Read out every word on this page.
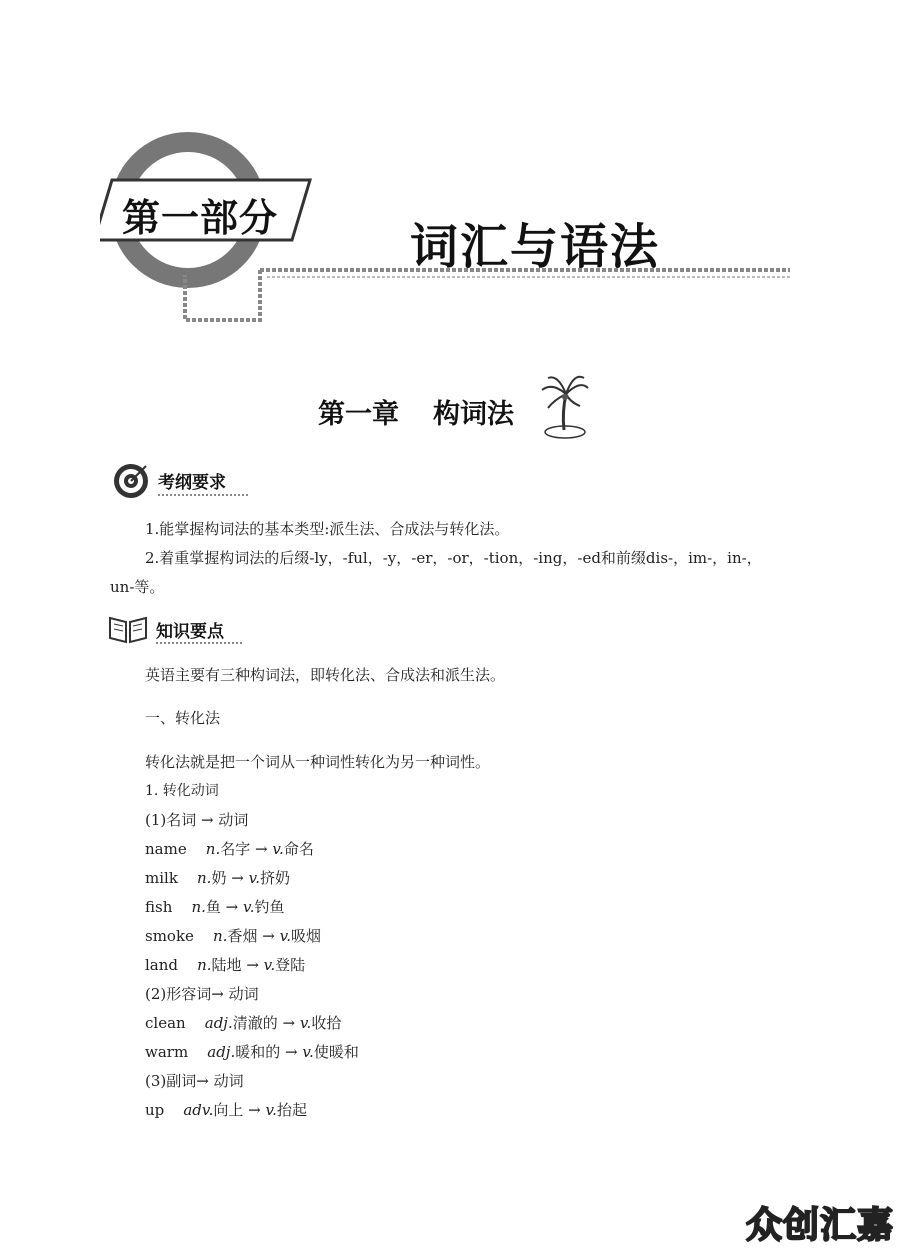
第一部分
词汇与语法
第一章 构词法
考纲要求

1.能掌握构词法的基本类型:派生法、合成法与转化法。

2.着重掌握构词法的后缀-ly，-ful，-y，-er，-or，-tion，-ing，-ed和前缀dis-，im-，in-，

un-等。

知识要点

英语主要有三种构词法，即转化法、合成法和派生法。

一、转化法

转化法就是把一个词从一种词性转化为另一种词性。

1. 转化动词

(1)名词 → 动词

name n.名字 → v.命名

milk n.奶 → v.挤奶

fish n.鱼 → v.钓鱼

smoke n.香烟 → v.吸烟

land n.陆地 → v.登陆

(2)形容词→ 动词

clean adj.清澈的 → v.收拾

warm adj.暖和的 → v.使暖和

(3)副词→ 动词

up adv.向上 → v.抬起

众创汇嘉
